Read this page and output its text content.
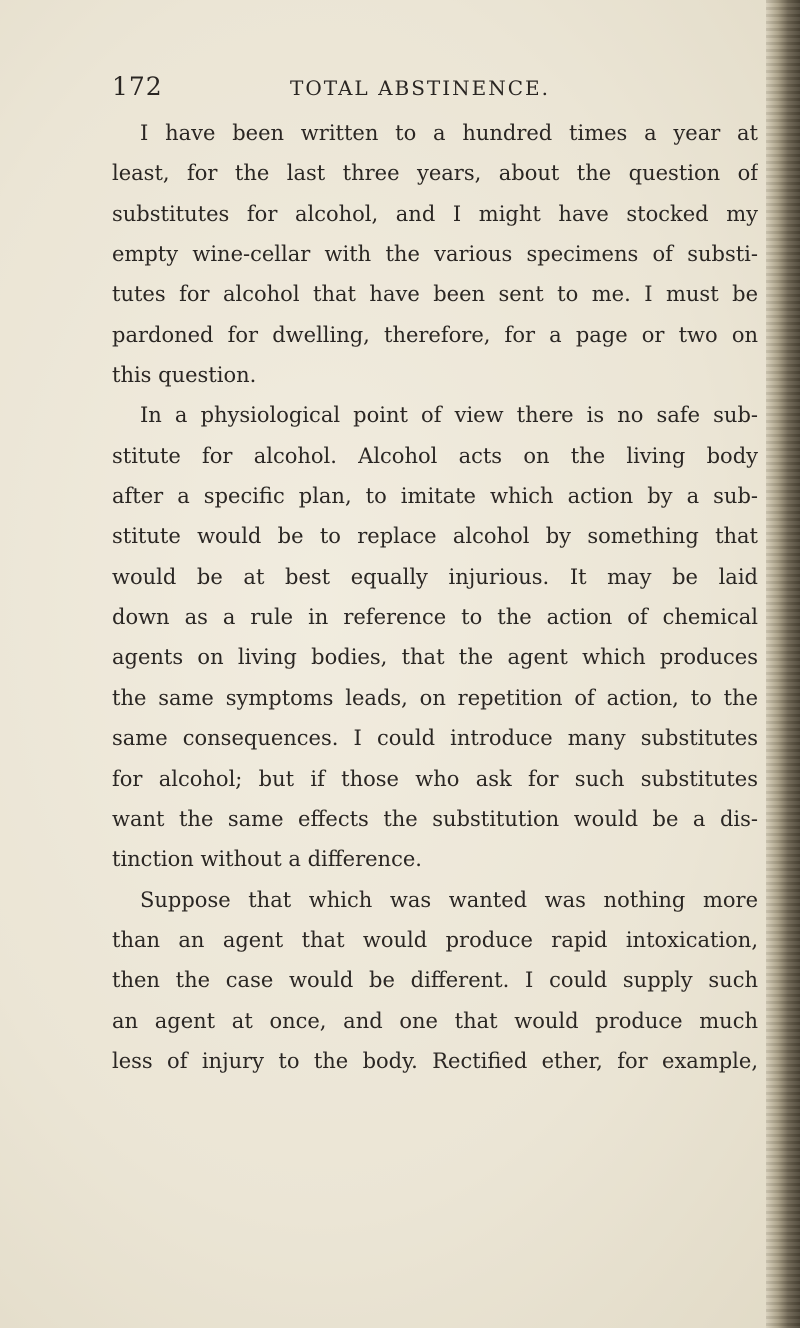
172	TOTAL ABSTINENCE.
I have been written to a hundred times a year at
least, for the last three years, about the question of
substitutes for alcohol, and I might have stocked my
empty wine-cellar with the various specimens of substi-
tutes for alcohol that have been sent to me. I must be
pardoned for dwelling, therefore, for a page or two on
this question.
In a physiological point of view there is no safe sub-
stitute for alcohol. Alcohol acts on the living body
after a specific plan, to imitate which action by a sub-
stitute would be to replace alcohol by something that
would be at best equally injurious. It may be laid
down as a rule in reference to the action of chemical
agents on living bodies, that the agent which produces
the same symptoms leads, on repetition of action, to the
same consequences. I could introduce many substitutes
for alcohol; but if those who ask for such substitutes
want the same effects the substitution would be a dis-
tinction without a difference.
Suppose that which was wanted was nothing more
than an agent that would produce rapid intoxication,
then the case would be different. I could supply such
an agent at once, and one that would produce much
less of injury to the body. Rectified ether, for example,
